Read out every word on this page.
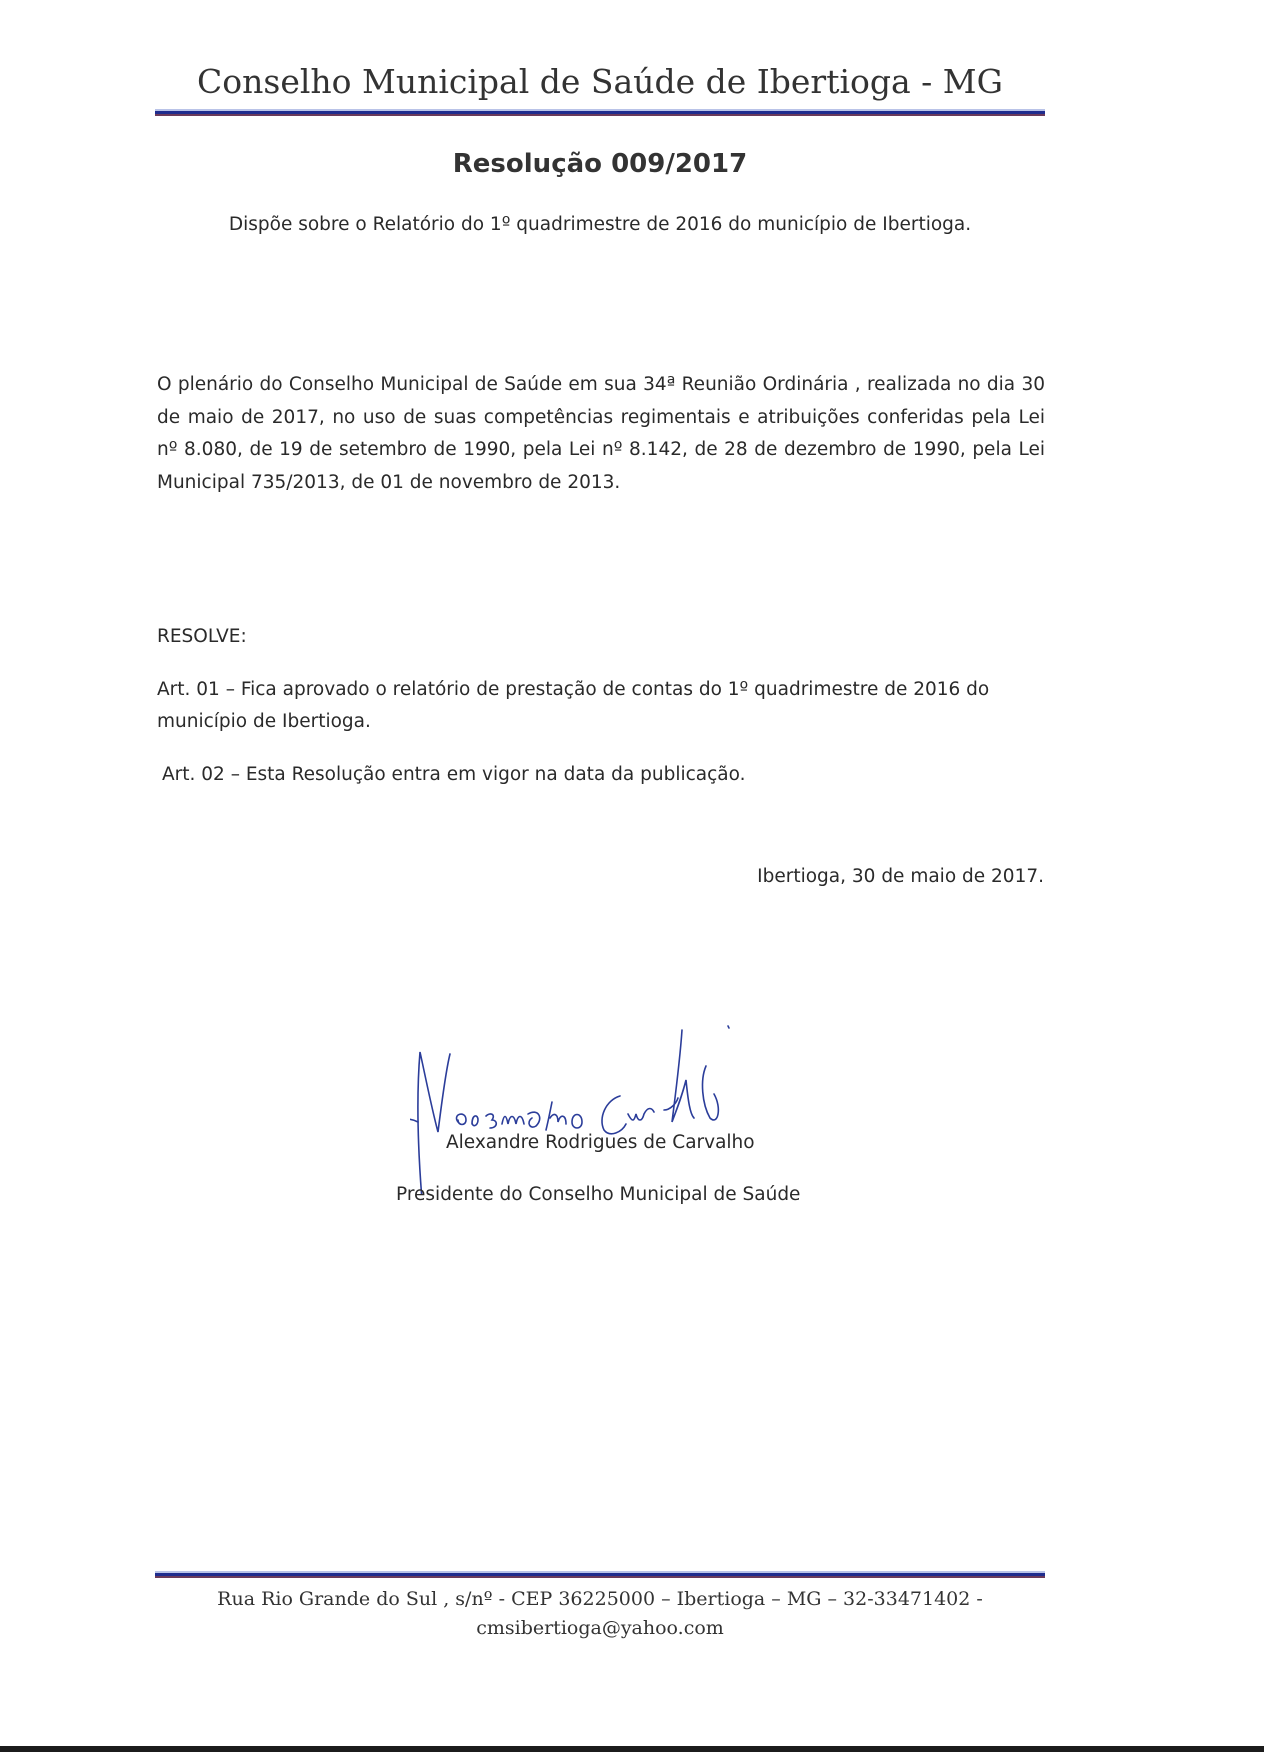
Conselho Municipal de Saúde de Ibertioga - MG
Resolução 009/2017
Dispõe sobre o Relatório do 1º quadrimestre de 2016 do município de Ibertioga.
O plenário do Conselho Municipal de Saúde em sua 34ª Reunião Ordinária , realizada no dia 30 de maio de 2017, no uso de suas competências regimentais e atribuições conferidas pela Lei nº 8.080, de 19 de setembro de 1990, pela Lei nº 8.142, de 28 de dezembro de 1990, pela Lei Municipal 735/2013, de 01 de novembro de 2013.
RESOLVE:
Art. 01 – Fica aprovado o relatório de prestação de contas do 1º quadrimestre de 2016 do município de Ibertioga.
Art. 02 – Esta Resolução entra em vigor na data da publicação.
Ibertioga, 30 de maio de 2017.
Alexandre Rodrigues de Carvalho
Presidente do Conselho Municipal de Saúde
Rua Rio Grande do Sul , s/nº - CEP 36225000 – Ibertioga – MG – 32-33471402 -
cmsibertioga@yahoo.com
